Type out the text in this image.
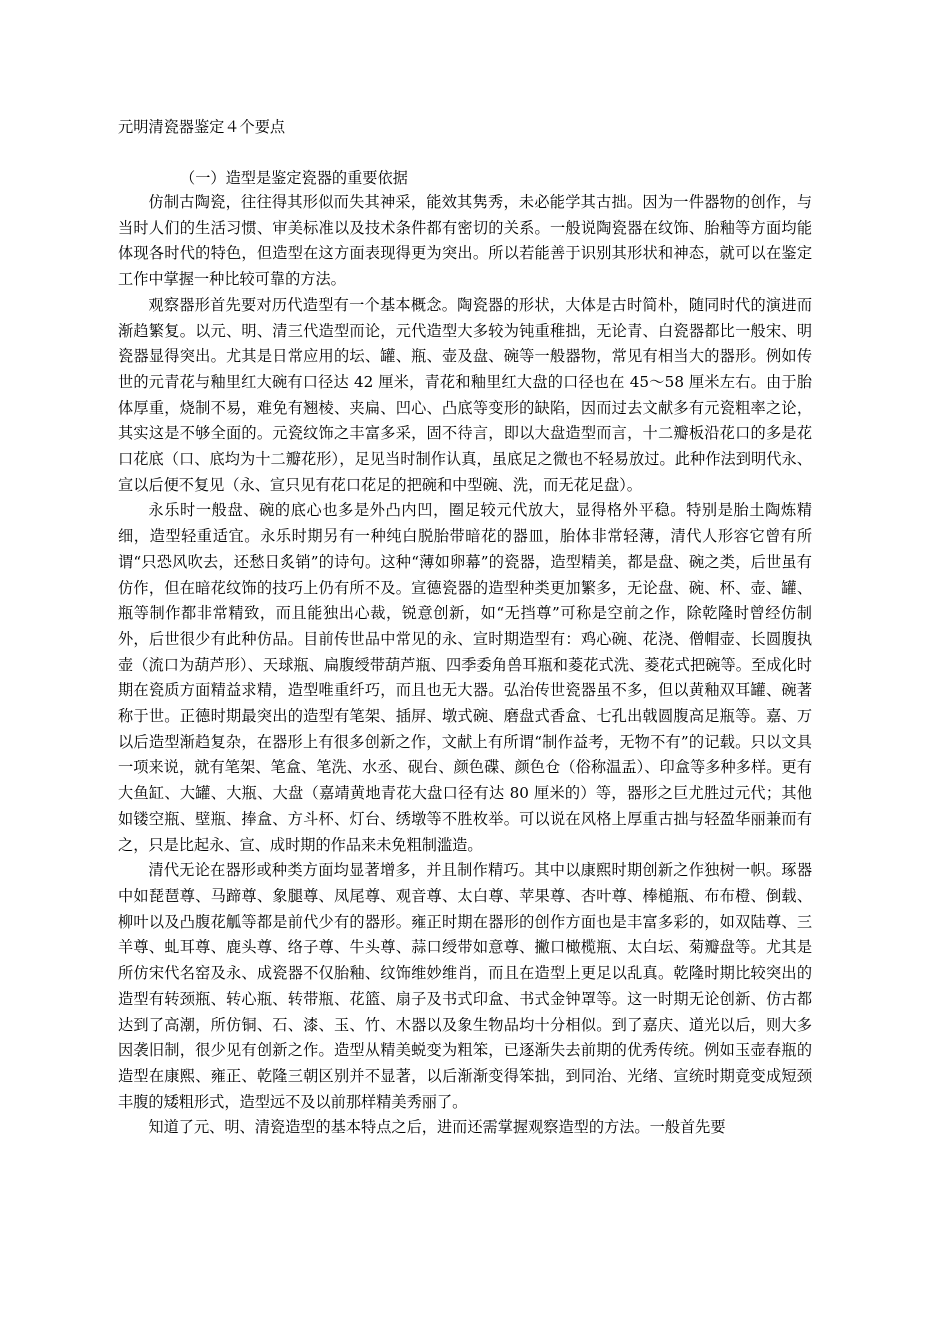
元明清瓷器鉴定４个要点
（一）造型是鉴定瓷器的重要依据

仿制古陶瓷，往往得其形似而失其神采，能效其隽秀，未必能学其古拙。因为一件器物的创作，与当时人们的生活习惯、审美标准以及技术条件都有密切的关系。一般说陶瓷器在纹饰、胎釉等方面均能体现各时代的特色，但造型在这方面表现得更为突出。所以若能善于识别其形状和神态，就可以在鉴定工作中掌握一种比较可靠的方法。

观察器形首先要对历代造型有一个基本概念。陶瓷器的形状，大体是古时简朴，随同时代的演进而渐趋繁复。以元、明、清三代造型而论，元代造型大多较为钝重稚拙，无论青、白瓷器都比一般宋、明瓷器显得突出。尤其是日常应用的坛、罐、瓶、壶及盘、碗等一般器物，常见有相当大的器形。例如传世的元青花与釉里红大碗有口径达 42 厘米，青花和釉里红大盘的口径也在 45～58 厘米左右。由于胎体厚重，烧制不易，难免有翘棱、夹扁、凹心、凸底等变形的缺陷，因而过去文献多有元瓷粗率之论，其实这是不够全面的。元瓷纹饰之丰富多采，固不待言，即以大盘造型而言，十二瓣板沿花口的多是花口花底（口、底均为十二瓣花形），足见当时制作认真，虽底足之微也不轻易放过。此种作法到明代永、宣以后便不复见（永、宣只见有花口花足的把碗和中型碗、洗，而无花足盘）。

永乐时一般盘、碗的底心也多是外凸内凹，圈足较元代放大，显得格外平稳。特别是胎土陶炼精细，造型轻重适宜。永乐时期另有一种纯白脱胎带暗花的器皿，胎体非常轻薄，清代人形容它曾有所谓“只恐风吹去，还愁日炙销”的诗句。这种“薄如卵幕”的瓷器，造型精美，都是盘、碗之类，后世虽有仿作，但在暗花纹饰的技巧上仍有所不及。宣德瓷器的造型种类更加繁多，无论盘、碗、杯、壶、罐、瓶等制作都非常精致，而且能独出心裁，锐意创新，如“无挡尊”可称是空前之作，除乾隆时曾经仿制外，后世很少有此种仿品。目前传世品中常见的永、宣时期造型有：鸡心碗、花浇、僧帽壶、长圆腹执壶（流口为葫芦形）、天球瓶、扁腹绶带葫芦瓶、四季委角兽耳瓶和菱花式洗、菱花式把碗等。至成化时期在瓷质方面精益求精，造型唯重纤巧，而且也无大器。弘治传世瓷器虽不多，但以黄釉双耳罐、碗著称于世。正德时期最突出的造型有笔架、插屏、墩式碗、磨盘式香盒、七孔出戟圆腹高足瓶等。嘉、万以后造型渐趋复杂，在器形上有很多创新之作，文献上有所谓“制作益考，无物不有”的记载。只以文具一项来说，就有笔架、笔盒、笔洗、水丞、砚台、颜色碟、颜色仓（俗称温盂）、印盒等多种多样。更有大鱼缸、大罐、大瓶、大盘（嘉靖黄地青花大盘口径有达 80 厘米的）等，器形之巨尤胜过元代；其他如镂空瓶、壁瓶、捧盒、方斗杯、灯台、绣墩等不胜枚举。可以说在风格上厚重古拙与轻盈华丽兼而有之，只是比起永、宣、成时期的作品来未免粗制滥造。

清代无论在器形或种类方面均显著增多，并且制作精巧。其中以康熙时期创新之作独树一帜。琢器中如琵琶尊、马蹄尊、象腿尊、凤尾尊、观音尊、太白尊、苹果尊、杏叶尊、棒槌瓶、布布橙、倒载、柳叶以及凸腹花觚等都是前代少有的器形。雍正时期在器形的创作方面也是丰富多彩的，如双陆尊、三羊尊、虬耳尊、鹿头尊、络子尊、牛头尊、蒜口绶带如意尊、撇口橄榄瓶、太白坛、菊瓣盘等。尤其是所仿宋代名窑及永、成瓷器不仅胎釉、纹饰维妙维肖，而且在造型上更足以乱真。乾隆时期比较突出的造型有转颈瓶、转心瓶、转带瓶、花篮、扇子及书式印盒、书式金钟罩等。这一时期无论创新、仿古都达到了高潮，所仿铜、石、漆、玉、竹、木器以及象生物品均十分相似。到了嘉庆、道光以后，则大多因袭旧制，很少见有创新之作。造型从精美蜕变为粗笨，已逐渐失去前期的优秀传统。例如玉壶春瓶的造型在康熙、雍正、乾隆三朝区别并不显著，以后渐渐变得笨拙，到同治、光绪、宣统时期竟变成短颈丰腹的矮粗形式，造型远不及以前那样精美秀丽了。

知道了元、明、清瓷造型的基本特点之后，进而还需掌握观察造型的方法。一般首先要
